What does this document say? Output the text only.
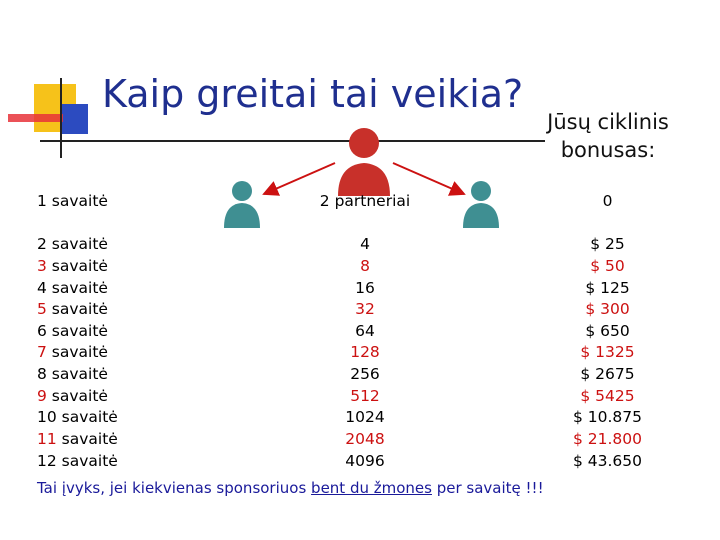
Kaip greitai tai veikia?
Jūsų ciklinis
bonusas:
1 savaitė	2 partneriai	0
2 savaitė	4	$ 25
3 savaitė	8	$ 50
4 savaitė	16	$ 125
5 savaitė	32	$ 300
6 savaitė	64	$ 650
7 savaitė	128	$ 1325
8 savaitė	256	$ 2675
9 savaitė	512	$ 5425
10 savaitė	1024	$ 10.875
11 savaitė	2048	$ 21.800
12 savaitė	4096	$ 43.650
Tai įvyks, jei kiekvienas sponsoriuos bent du žmones per savaitę !!!
